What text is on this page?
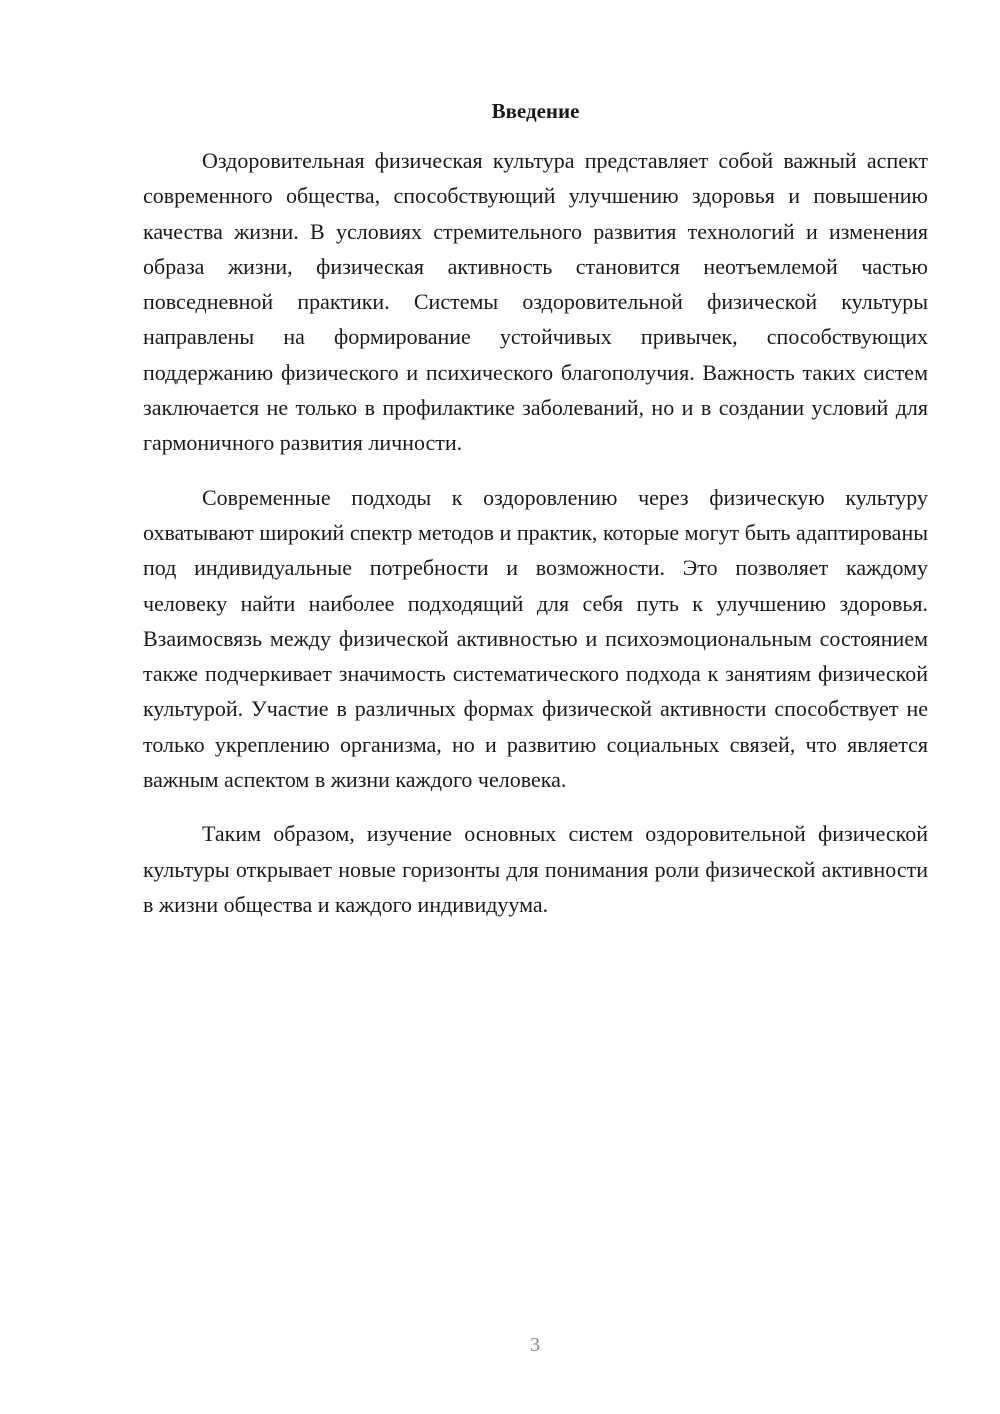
Введение

Оздоровительная физическая культура представляет собой важный аспект современного общества, способствующий улучшению здоровья и повышению качества жизни. В условиях стремительного развития технологий и изменения образа жизни, физическая активность становится неотъемлемой частью повседневной практики. Системы оздоровительной физической культуры направлены на формирование устойчивых привычек, способствующих поддержанию физического и психического благополучия. Важность таких систем заключается не только в профилактике заболеваний, но и в создании условий для гармоничного развития личности.

Современные подходы к оздоровлению через физическую культуру охватывают широкий спектр методов и практик, которые могут быть адаптированы под индивидуальные потребности и возможности. Это позволяет каждому человеку найти наиболее подходящий для себя путь к улучшению здоровья. Взаимосвязь между физической активностью и психоэмоциональным состоянием также подчеркивает значимость систематического подхода к занятиям физической культурой. Участие в различных формах физической активности способствует не только укреплению организма, но и развитию социальных связей, что является важным аспектом в жизни каждого человека.

Таким образом, изучение основных систем оздоровительной физической культуры открывает новые горизонты для понимания роли физической активности в жизни общества и каждого индивидуума.

3
